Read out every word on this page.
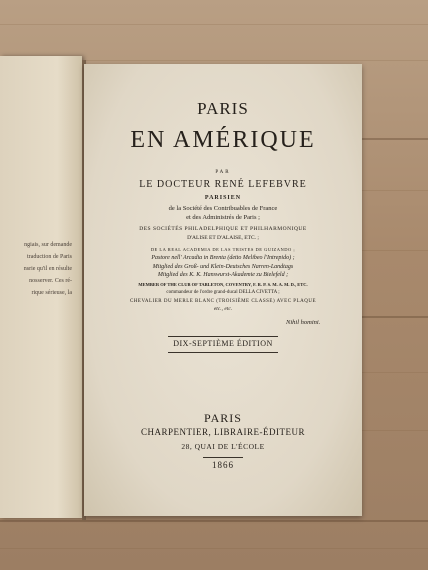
ngiais, sur demande
traduction de Paris
nsrie qu'il en résulte
nosserver. Ces ré-
rique sérieuse, la
PARIS
EN AMÉRIQUE
PAR
LE DOCTEUR RENÉ LEFEBVRE
PARISIEN
de la Société des Contribuables de France
et des Administrés de Paris ;
DES SOCIÉTÉS PHILADELPHIQUE ET PHILHARMONIQUE
D'ALISE ET D'ALAISE, ETC. ;
DE LA REAL ACADEMIA DE LAS TRISTES DE GUIZANDO ;
Pastore nell' Arcadia in Brenta (detto Melibeo l'Intrepido) ;
Mitglied des Groß- und Klein-Deutsches Narren-Landtags
Mitglied des K. K. Hanswurst-Akademie zu Bielefeld ;
MEMBER OF THE CLUB OF TABLETON, COVENTRY, F. R. P. S. M. A. M. D., ETC.
commandeur de l'ordre grand-ducal DELLA CIVETTA ;
CHEVALIER DU MERLE BLANC (TROISIÈME CLASSE) AVEC PLAQUE
etc., etc.
Nihil homini.
DIX-SEPTIÈME ÉDITION
PARIS
CHARPENTIER, LIBRAIRE-ÉDITEUR
28, QUAI DE L'ÉCOLE
1866
